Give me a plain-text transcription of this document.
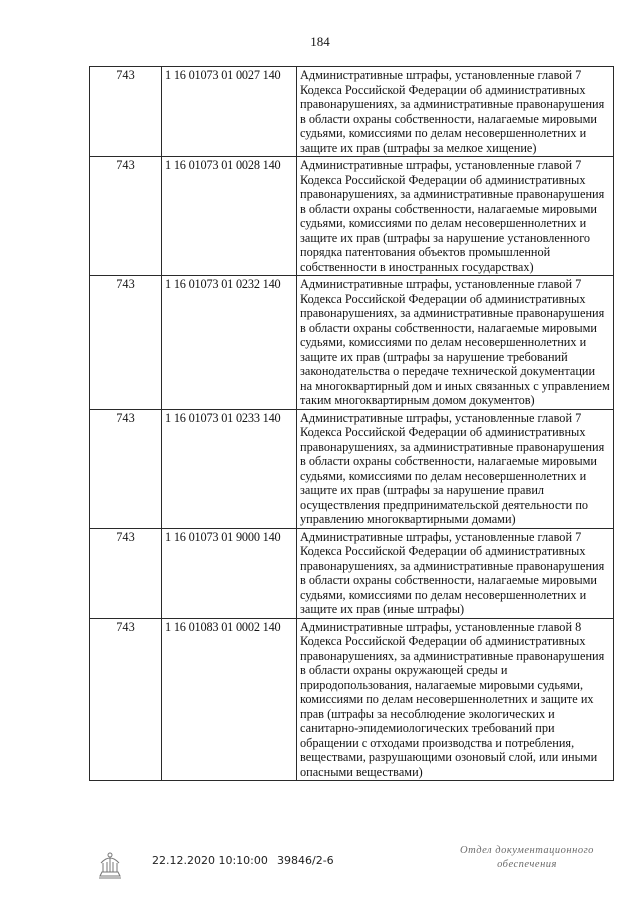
184
743	1 16 01073 01 0027 140	Административные штрафы, установленные главой 7 Кодекса Российской Федерации об административных правонарушениях, за административные правонарушения в области охраны собственности, налагаемые мировыми судьями, комиссиями по делам несовершеннолетних и защите их прав (штрафы за мелкое хищение)
743	1 16 01073 01 0028 140	Административные штрафы, установленные главой 7 Кодекса Российской Федерации об административных правонарушениях, за административные правонарушения в области охраны собственности, налагаемые мировыми судьями, комиссиями по делам несовершеннолетних и защите их прав (штрафы за нарушение установленного порядка патентования объектов промышленной собственности в иностранных государствах)
743	1 16 01073 01 0232 140	Административные штрафы, установленные главой 7 Кодекса Российской Федерации об административных правонарушениях, за административные правонарушения в области охраны собственности, налагаемые мировыми судьями, комиссиями по делам несовершеннолетних и защите их прав (штрафы за нарушение требований законодательства о передаче технической документации на многоквартирный дом и иных связанных с управлением таким многоквартирным домом документов)
743	1 16 01073 01 0233 140	Административные штрафы, установленные главой 7 Кодекса Российской Федерации об административных правонарушениях, за административные правонарушения в области охраны собственности, налагаемые мировыми судьями, комиссиями по делам несовершеннолетних и защите их прав (штрафы за нарушение правил осуществления предпринимательской деятельности по управлению многоквартирными домами)
743	1 16 01073 01 9000 140	Административные штрафы, установленные главой 7 Кодекса Российской Федерации об административных правонарушениях, за административные правонарушения в области охраны собственности, налагаемые мировыми судьями, комиссиями по делам несовершеннолетних и защите их прав (иные штрафы)
743	1 16 01083 01 0002 140	Административные штрафы, установленные главой 8 Кодекса Российской Федерации об административных правонарушениях, за административные правонарушения в области охраны окружающей среды и природопользования, налагаемые мировыми судьями, комиссиями по делам несовершеннолетних и защите их прав (штрафы за несоблюдение экологических и санитарно-эпидемиологических требований при обращении с отходами производства и потребления, веществами, разрушающими озоновый слой, или иными опасными веществами)
22.12.2020 10:10:00 39846/2-6
Отдел документационного
обеспечения
